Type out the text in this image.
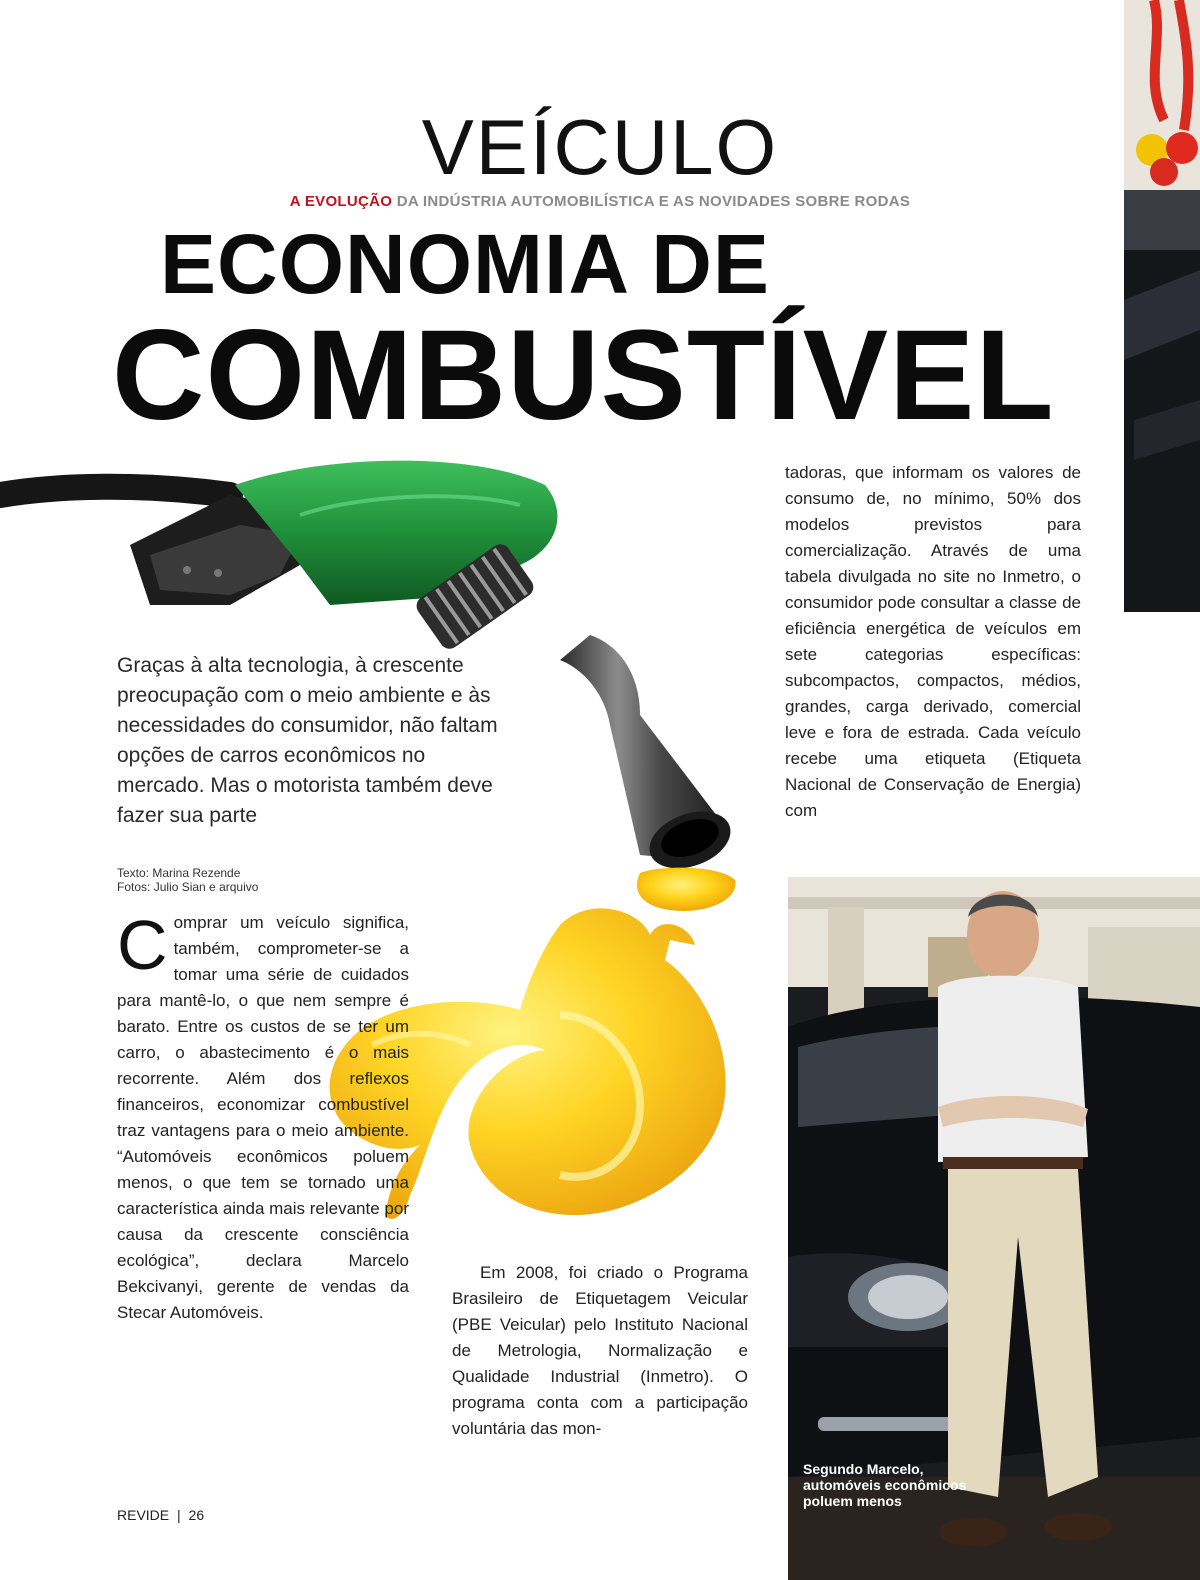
VEÍCULO
A EVOLUÇÃO DA INDÚSTRIA AUTOMOBILÍSTICA E AS NOVIDADES SOBRE RODAS
ECONOMIA DE
COMBUSTÍVEL
Graças à alta tecnologia, à crescente preocupação com o meio ambiente e às necessidades do consumidor, não faltam opções de carros econômicos no mercado. Mas o motorista também deve fazer sua parte
Texto: Marina Rezende
Fotos: Julio Sian e arquivo
C omprar um veículo significa, também, comprometer-se a tomar uma série de cuidados para mantê-lo, o que nem sempre é barato. Entre os custos de se ter um carro, o abastecimento é o mais recorrente. Além dos reflexos financeiros, economizar combustível traz vantagens para o meio ambiente. “Automóveis econômicos poluem menos, o que tem se tornado uma característica ainda mais relevante por causa da crescente consciência ecológica”, declara Marcelo Bekcivanyi, gerente de vendas da Stecar Automóveis.

Em 2008, foi criado o Programa Brasileiro de Etiquetagem Veicular (PBE Veicular) pelo Instituto Nacional de Metrologia, Normalização e Qualidade Industrial (Inmetro). O programa conta com a participação voluntária das mon-

tadoras, que informam os valores de consumo de, no mínimo, 50% dos modelos previstos para comercialização. Através de uma tabela divulgada no site no Inmetro, o consumidor pode consultar a classe de eficiência energética de veículos em sete categorias específicas: subcompactos, compactos, médios, grandes, carga derivado, comercial leve e fora de estrada. Cada veículo recebe uma etiqueta (Etiqueta Nacional de Conservação de Energia) com

Segundo Marcelo, automóveis econômicos poluem menos
REVIDE | 26
